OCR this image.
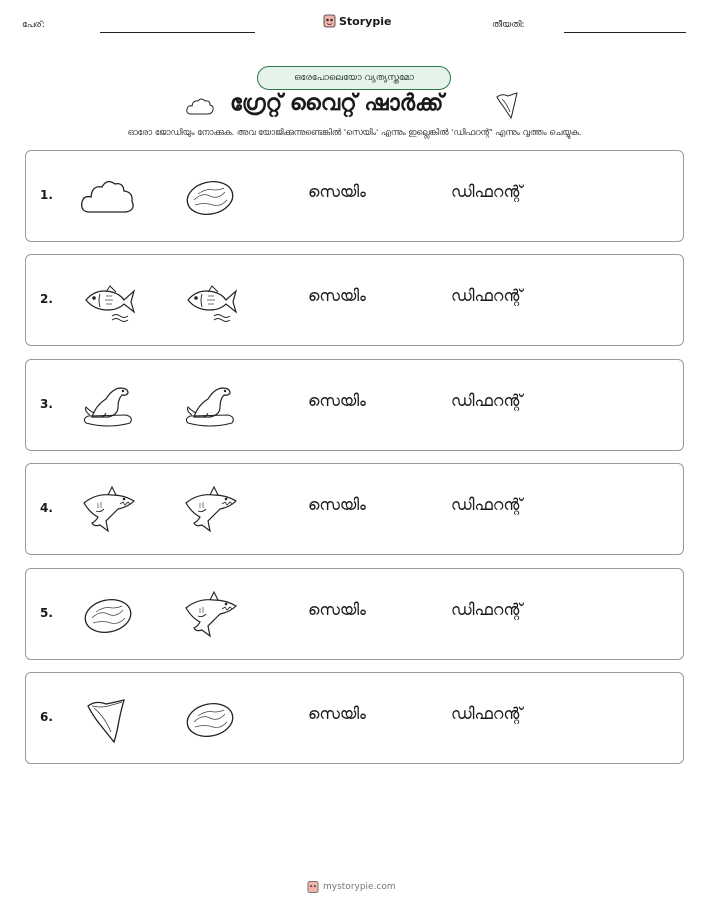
പേര്:	Storypie	തീയതി:
ഒരേപോലെയോ വ്യത്യസ്തമോ
ഗ്രേറ്റ് വൈറ്റ് ഷാർക്ക്
ഓരോ ജോഡിയും നോക്കുക. അവ യോജിക്കുന്നുണ്ടെങ്കിൽ 'സെയിം' എന്നും ഇല്ലെങ്കിൽ 'ഡിഫറന്റ്' എന്നും വൃത്തം ചെയ്യുക.
1.	സെയിം	ഡിഫറന്റ്
2.	സെയിം	ഡിഫറന്റ്
3.	സെയിം	ഡിഫറന്റ്
4.	സെയിം	ഡിഫറന്റ്
5.	സെയിം	ഡിഫറന്റ്
6.	സെയിം	ഡിഫറന്റ്
mystorypie.com
